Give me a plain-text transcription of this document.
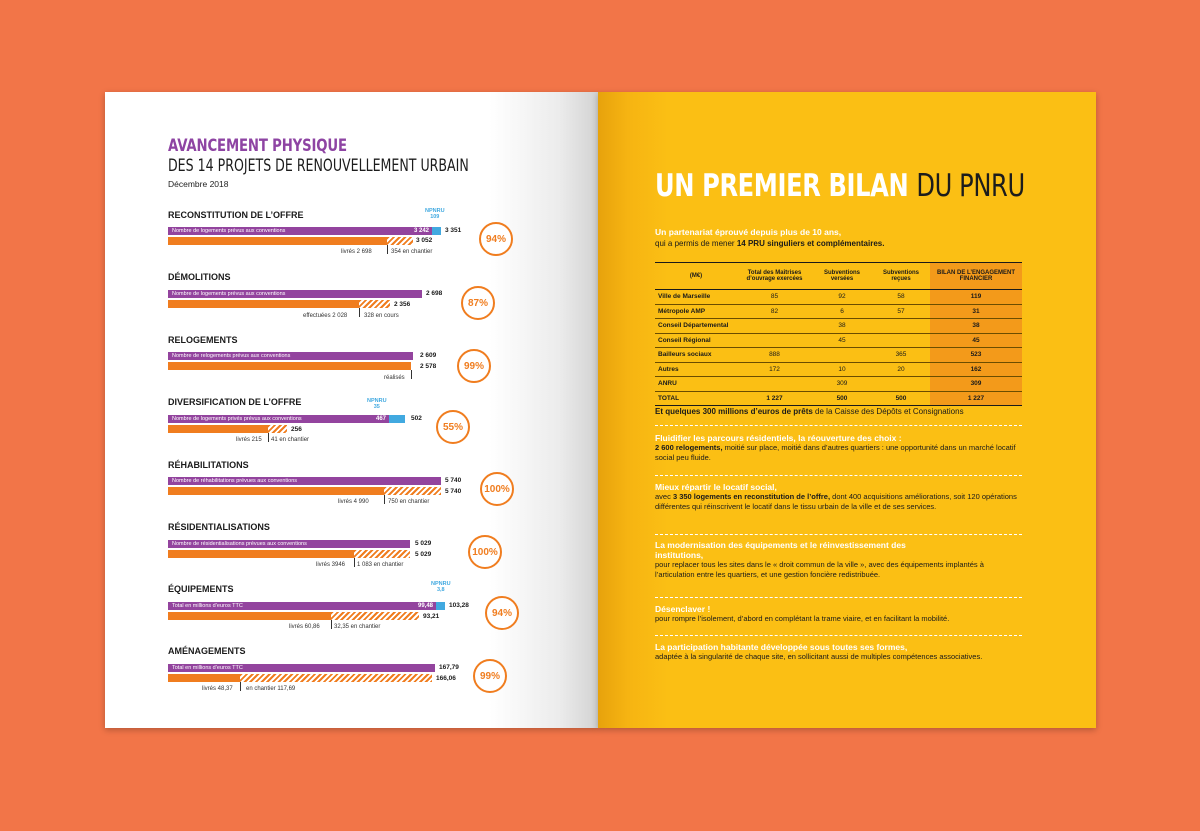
AVANCEMENT PHYSIQUE
DES 14 PROJETS DE RENOUVELLEMENT URBAIN
Décembre 2018
RECONSTITUTION DE L’OFFRE	NPNRU
109
Nombre de logements prévus aux conventions	3 242 3 351
3 052
livrés 2 698	354 en chantier
94%
DÉMOLITIONS
Nombre de logements prévus aux conventions	2 698
2 356
effectuées 2 028	328 en cours
87%
RELOGEMENTS
Nombre de relogements prévus aux conventions	2 609
2 578
réalisés
99%
DIVERSIFICATION DE L’OFFRE	NPNRU
35
Nombre de logements privés prévus aux conventions	467	502
256
livrés 215 41 en chantier
55%
RÉHABILITATIONS
Nombre de réhabilitations prévues aux conventions	5 740
5 740
livrés 4 990	750 en chantier
100%
RÉSIDENTIALISATIONS
Nombre de résidentialisations prévues aux conventions	5 029
5 029
livrés 3946 1 083 en chantier
100%
ÉQUIPEMENTS	NPNRU
3,8
Total en millions d’euros TTC	99,48 103,28
93,21
livrés 60,86 32,35 en chantier
94%
AMÉNAGEMENTS
Total en millions d’euros TTC	167,79
166,06
livrés 48,37 en chantier 117,69
99%
UN PREMIER BILAN DU PNRU
Un partenariat éprouvé depuis plus de 10 ans,
qui a permis de mener 14 PRU singuliers et complémentaires.
(M€)	Total des Maîtrises d’ouvrage exercées	Subventions versées	Subventions reçues	BILAN DE L’ENGAGEMENT FINANCIER
Ville de Marseille	85	92	58	119
Métropole AMP	82	6	57	31
Conseil Départemental		38		38
Conseil Régional		45		45
Bailleurs sociaux	888		365	523
Autres	172	10	20	162
ANRU		309		309
TOTAL	1 227	500	500	1 227
Et quelques 300 millions d’euros de prêts de la Caisse des Dépôts et Consignations
Fluidifier les parcours résidentiels, la réouverture des choix :
2 600 relogements, moitié sur place, moitié dans d’autres quartiers : une opportunité dans un marché locatif social peu fluide.
Mieux répartir le locatif social,
avec 3 350 logements en reconstitution de l’offre, dont 400 acquisitions améliorations, soit 120 opérations différentes qui réinscrivent le locatif dans le tissu urbain de la ville et de ses services.
La modernisation des équipements et le réinvestissement des institutions,
pour replacer tous les sites dans le « droit commun de la ville », avec des équipements implantés à l’articulation entre les quartiers, et une gestion foncière redistribuée.
Désenclaver !
pour rompre l’isolement, d’abord en complétant la trame viaire, et en facilitant la mobilité.
La participation habitante développée sous toutes ses formes,
adaptée à la singularité de chaque site, en sollicitant aussi de multiples compétences associatives.
